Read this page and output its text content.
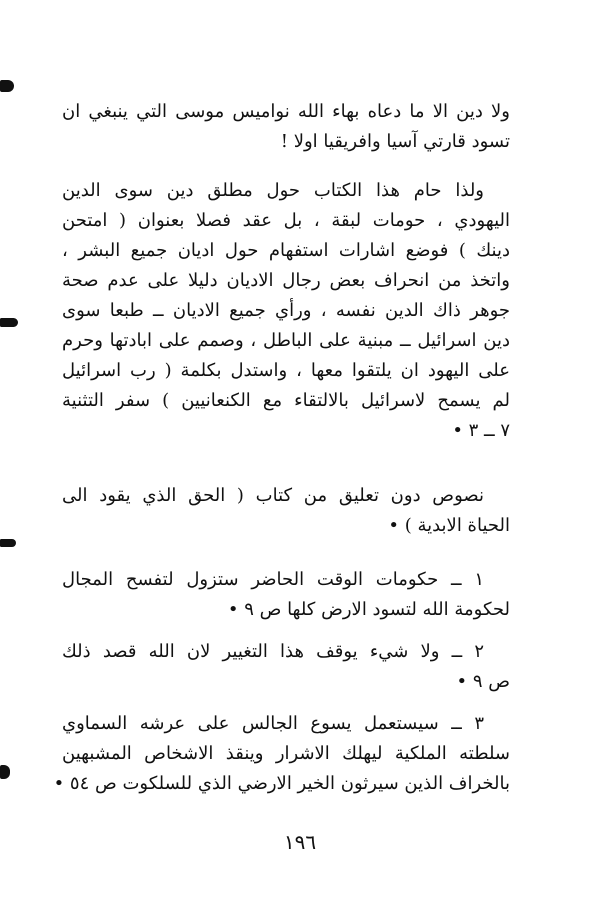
ولا دين الا ما دعاه بهاء الله نواميس موسى التي ينبغي ان
تسود قارتي آسيا وافريقيا اولا !
ولذا حام هذا الكتاب حول مطلق دين سوى الدين
اليهودي ، حومات لبقة ، بل عقد فصلا بعنوان ( امتحن
دينك ) فوضع اشارات استفهام حول اديان جميع البشر ،
واتخذ من انحراف بعض رجال الاديان دليلا على عدم صحة
جوهر ذاك الدين نفسه ، ورأي جميع الاديان ــ طبعا سوى
دين اسرائيل ــ مبنية على الباطل ، وصمم على ابادتها وحرم
على اليهود ان يلتقوا معها ، واستدل بكلمة ( رب اسرائيل
لم يسمح لاسرائيل بالالتقاء مع الكنعانيين ) سفر التثنية
٧ ــ ٣ •
نصوص دون تعليق من كتاب ( الحق الذي يقود الى
الحياة الابدية ) •
١ ــ حكومات الوقت الحاضر ستزول لتفسح المجال
لحكومة الله لتسود الارض كلها ص ٩ •
٢ ــ ولا شيء يوقف هذا التغيير لان الله قصد ذلك
ص ٩ •
٣ ــ سيستعمل يسوع الجالس على عرشه السماوي
سلطته الملكية ليهلك الاشرار وينقذ الاشخاص المشبهين
بالخراف الذين سيرثون الخير الارضي الذي للسلكوت ص ٥٤ •
١٩٦
